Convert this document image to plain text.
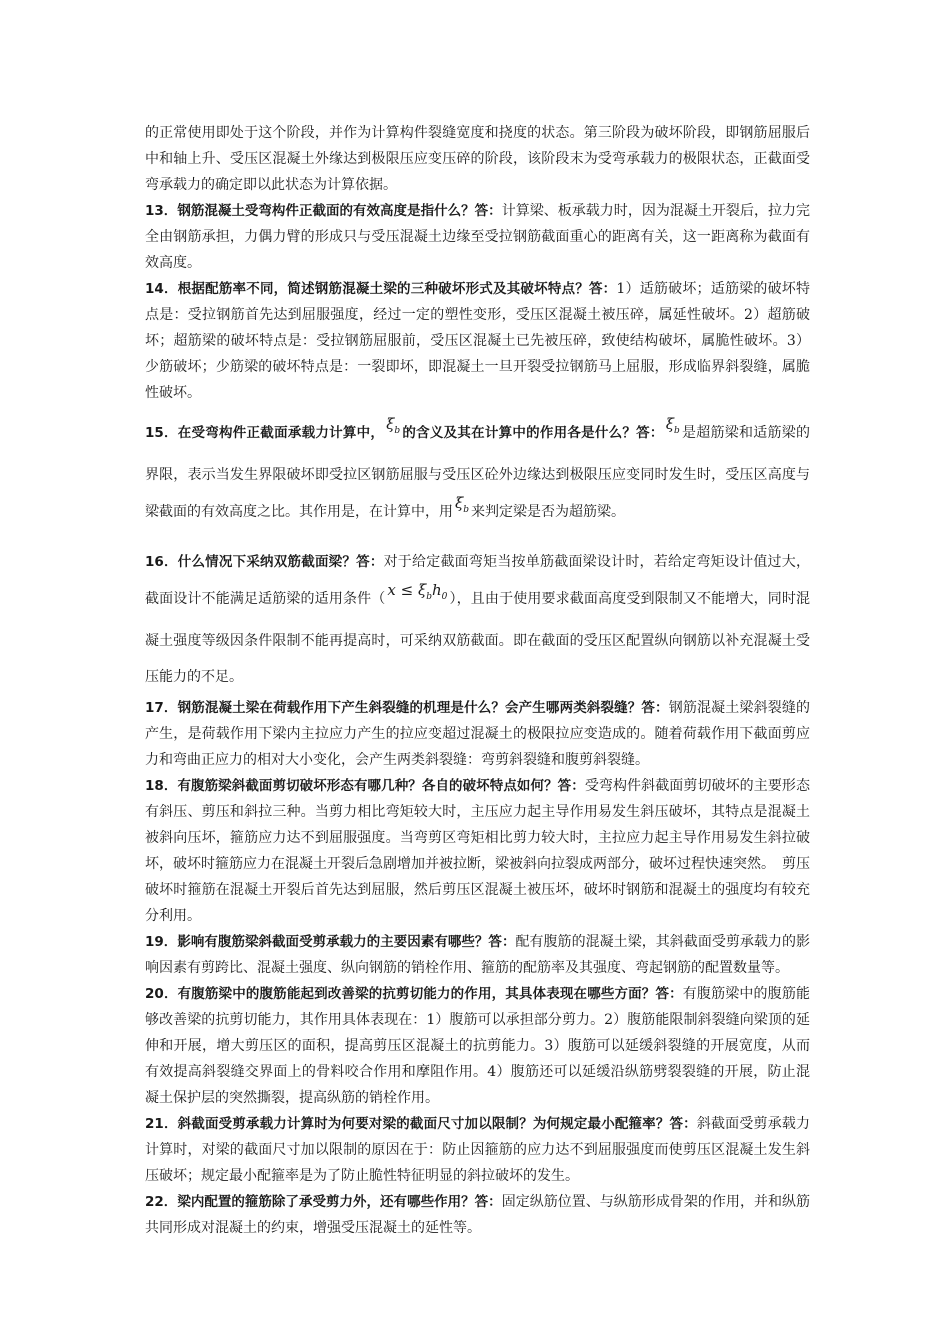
的正常使用即处于这个阶段，并作为计算构件裂缝宽度和挠度的状态。第三阶段为破坏阶段，即钢筋屈服后中和轴上升、受压区混凝土外缘达到极限压应变压碎的阶段，该阶段末为受弯承载力的极限状态，正截面受弯承载力的确定即以此状态为计算依据。

13．钢筋混凝土受弯构件正截面的有效高度是指什么？答：计算梁、板承载力时，因为混凝土开裂后，拉力完全由钢筋承担，力偶力臂的形成只与受压混凝土边缘至受拉钢筋截面重心的距离有关，这一距离称为截面有效高度。

14．根据配筋率不同，简述钢筋混凝土梁的三种破坏形式及其破坏特点？答：1）适筋破坏；适筋梁的破坏特点是：受拉钢筋首先达到屈服强度，经过一定的塑性变形，受压区混凝土被压碎，属延性破坏。2）超筋破坏；超筋梁的破坏特点是：受拉钢筋屈服前，受压区混凝土已先被压碎，致使结构破坏，属脆性破坏。3）少筋破坏；少筋梁的破坏特点是：一裂即坏，即混凝土一旦开裂受拉钢筋马上屈服，形成临界斜裂缝，属脆性破坏。

15．在受弯构件正截面承载力计算中， $\xi_b$ 的含义及其在计算中的作用各是什么？答： $\xi_b$ 是超筋梁和适筋梁的界限，表示当发生界限破坏即受拉区钢筋屈服与受压区砼外边缘达到极限压应变同时发生时，受压区高度与梁截面的有效高度之比。其作用是，在计算中，用 $\xi_b$ 来判定梁是否为超筋梁。

16．什么情况下采纳双筋截面梁？答：对于给定截面弯矩当按单筋截面梁设计时，若给定弯矩设计值过大，截面设计不能满足适筋梁的适用条件（ $x \le \xi_bh_0$ ），且由于使用要求截面高度受到限制又不能增大，同时混凝土强度等级因条件限制不能再提高时，可采纳双筋截面。即在截面的受压区配置纵向钢筋以补充混凝土受压能力的不足。

17．钢筋混凝土梁在荷载作用下产生斜裂缝的机理是什么？会产生哪两类斜裂缝？答：钢筋混凝土梁斜裂缝的产生，是荷载作用下梁内主拉应力产生的拉应变超过混凝土的极限拉应变造成的。随着荷载作用下截面剪应力和弯曲正应力的相对大小变化，会产生两类斜裂缝：弯剪斜裂缝和腹剪斜裂缝。

18．有腹筋梁斜截面剪切破坏形态有哪几种？各自的破坏特点如何？答：受弯构件斜截面剪切破坏的主要形态有斜压、剪压和斜拉三种。当剪力相比弯矩较大时，主压应力起主导作用易发生斜压破坏，其特点是混凝土被斜向压坏，箍筋应力达不到屈服强度。当弯剪区弯矩相比剪力较大时，主拉应力起主导作用易发生斜拉破坏，破坏时箍筋应力在混凝土开裂后急剧增加并被拉断，梁被斜向拉裂成两部分，破坏过程快速突然。　剪压破坏时箍筋在混凝土开裂后首先达到屈服，然后剪压区混凝土被压坏，破坏时钢筋和混凝土的强度均有较充分利用。

19．影响有腹筋梁斜截面受剪承载力的主要因素有哪些？答：配有腹筋的混凝土梁，其斜截面受剪承载力的影响因素有剪跨比、混凝土强度、纵向钢筋的销栓作用、箍筋的配筋率及其强度、弯起钢筋的配置数量等。

20．有腹筋梁中的腹筋能起到改善梁的抗剪切能力的作用，其具体表现在哪些方面？答：有腹筋梁中的腹筋能够改善梁的抗剪切能力，其作用具体表现在：1）腹筋可以承担部分剪力。2）腹筋能限制斜裂缝向梁顶的延伸和开展，增大剪压区的面积，提高剪压区混凝土的抗剪能力。3）腹筋可以延缓斜裂缝的开展宽度，从而有效提高斜裂缝交界面上的骨料咬合作用和摩阻作用。4）腹筋还可以延缓沿纵筋劈裂裂缝的开展，防止混凝土保护层的突然撕裂，提高纵筋的销栓作用。

21．斜截面受剪承载力计算时为何要对梁的截面尺寸加以限制？为何规定最小配箍率？答：斜截面受剪承载力计算时，对梁的截面尺寸加以限制的原因在于：防止因箍筋的应力达不到屈服强度而使剪压区混凝土发生斜压破坏；规定最小配箍率是为了防止脆性特征明显的斜拉破坏的发生。

22．梁内配置的箍筋除了承受剪力外，还有哪些作用？答：固定纵筋位置、与纵筋形成骨架的作用，并和纵筋共同形成对混凝土的约束，增强受压混凝土的延性等。
